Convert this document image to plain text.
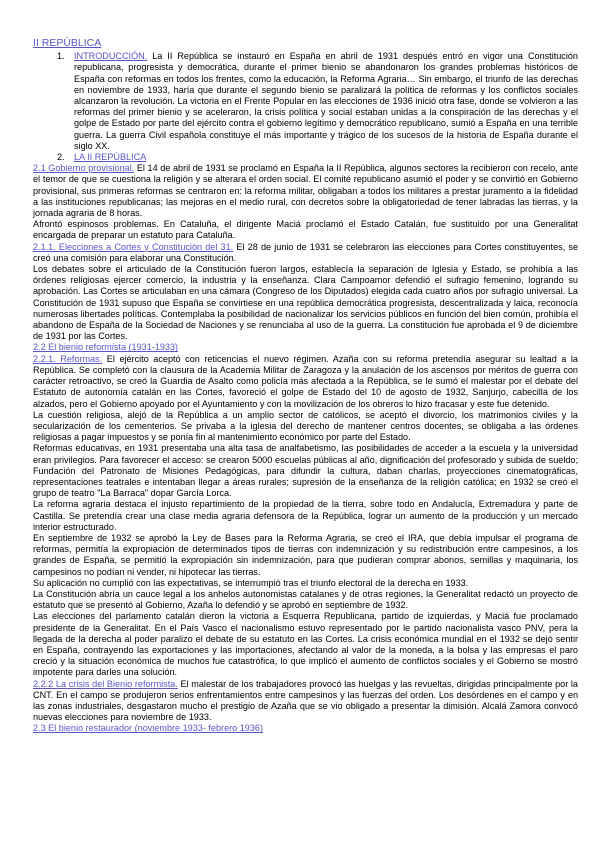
II REPÚBLICA
1. INTRODUCCIÓN. La II República se instauró en España en abril de 1931 después entró en vigor una Constitución republicana, progresista y democrática, durante el primer bienio se abandonaron los grandes problemas históricos de España con reformas en todos los frentes, como la educación, la Reforma Agraria… Sin embargo, el triunfo de las derechas en noviembre de 1933, haría que durante el segundo bienio se paralizará la política de reformas y los conflictos sociales alcanzaron la revolución. La victoria en el Frente Popular en las elecciones de 1936 inició otra fase, donde se volvieron a las reformas del primer bienio y se aceleraron, la crisis política y social estaban unidas a la conspiración de las derechas y el golpe de Estado por parte del ejército contra el gobierno legítimo y democrático republicano, sumió a España en una terrible guerra. La guerra Civil española constituye el más importante y trágico de los sucesos de la historia de España durante el siglo XX.
2. LA II REPÚBLICA

2.1 Gobierno provisional. El 14 de abril de 1931 se proclamó en España la II República, algunos sectores la recibieron con recelo, ante el temor de que se cuestiona la religión y se alterara el orden social. El comité republicano asumió el poder y se convirtió en Gobierno provisional, sus primeras reformas se centraron en: la reforma militar, obligaban a todos los militares a prestar juramento a la fidelidad a las instituciones republicanas; las mejoras en el medio rural, con decretos sobre la obligatoriedad de tener labradas las tierras, y la jornada agraria de 8 horas.

Afrontó espinosos problemas. En Cataluña, el dirigente Maciá proclamó el Estado Catalán, fue sustituido por una Generalitat encargada de preparar un estatuto para Cataluña.

2.1.1. Elecciones a Cortes y Constitución del 31. El 28 de junio de 1931 se celebraron las elecciones para Cortes constituyentes, se creó una comisión para elaborar una Constitución.

Los debates sobre el articulado de la Constitución fueron largos, establecía la separación de Iglesia y Estado, se prohibía a las órdenes religiosas ejercer comercio, la industria y la enseñanza. Clara Campoamor defendió el sufragio femenino, logrando su aprobación. Las Cortes se articulaban en una cámara (Congreso de los Diputados) elegida cada cuatro años por sufragio universal. La Constitución de 1931 supuso que España se convirtiese en una república democrática progresista, descentralizada y laica, reconocía numerosas libertades políticas. Contemplaba la posibilidad de nacionalizar los servicios públicos en función del bien común, prohibía el abandono de España de la Sociedad de Naciones y se renunciaba al uso de la guerra. La constitución fue aprobada el 9 de diciembre de 1931 por las Cortes.

2.2 El bienio reformista (1931-1933)

2.2.1. Reformas. El ejército aceptó con reticencias el nuevo régimen. Azaña con su reforma pretendía asegurar su lealtad a la República. Se completó con la clausura de la Academia Militar de Zaragoza y la anulación de los ascensos por méritos de guerra con carácter retroactivo, se creó la Guardia de Asalto como policía más afectada a la República, se le sumó el malestar por el debate del Estatuto de autonomía catalán en las Cortes, favoreció el golpe de Estado del 10 de agosto de 1932, Sanjurjo, cabecilla de los alzados, pero el Gobierno apoyado por el Ayuntamiento y con la movilización de los obreros lo hizo fracasar y este fue detenido.

La cuestión religiosa, alejó de la República a un amplio sector de católicos, se aceptó el divorcio, los matrimonios civiles y la secularización de los cementerios. Se privaba a la iglesia del derecho de mantener centros docentes, se obligaba a las órdenes religiosas a pagar impuestos y se ponía fin al mantenimiento económico por parte del Estado.

Reformas educativas, en 1931 presentaba una alta tasa de analfabetismo, las posibilidades de acceder a la escuela y la universidad eran privilegios. Para favorecer el acceso: se crearon 5000 escuelas públicas al año, dignificación del profesorado y subida de sueldo; Fundación del Patronato de Misiones Pedagógicas, para difundir la cultura, daban charlas, proyecciones cinematográficas, representaciones teatrales e intentaban llegar a áreas rurales; supresión de la enseñanza de la religión católica; en 1932 se creó el grupo de teatro "La Barraca" dopar García Lorca.

La reforma agraria destaca el injusto repartimiento de la propiedad de la tierra, sobre todo en Andalucía, Extremadura y parte de Castilla. Se pretendía crear una clase media agraria defensora de la República, lograr un aumento de la producción y un mercado interior estructurado.

En septiembre de 1932 se aprobó la Ley de Bases para la Reforma Agraria, se creó el IRA, que debía impulsar el programa de reformas, permitía la expropiación de determinados tipos de tierras con indemnización y su redistribución entre campesinos, a los grandes de España, se permitió la expropiación sin indemnización, para que pudieran comprar abonos, semillas y maquinaria, los campesinos no podían ni vender, ni hipotecar las tierras.

Su aplicación no cumplió con las expectativas, se interrumpió tras el triunfo electoral de la derecha en 1933.

La Constitución abría un cauce legal a los anhelos autonomistas catalanes y de otras regiones, la Generalitat redactó un proyecto de estatuto que se presentó al Gobierno, Azaña lo defendió y se aprobó en septiembre de 1932.

Las elecciones del parlamento catalán dieron la victoria a Esquerra Republicana, partido de izquierdas, y Maciá fue proclamado presidente de la Generalitat. En el País Vasco el nacionalismo estuvo representado por le partido nacionalista vasco PNV, pera la llegada de la derecha al poder paralizo el debate de su estatuto en las Cortes. La crisis económica mundial en el 1932 se dejó sentir en España, contrayendo las exportaciones y las importaciones, afectando al valor de la moneda, a la bolsa y las empresas el paro creció y la situación económica de muchos fue catastrófica, lo que implicó el aumento de conflictos sociales y el Gobierno se mostró impotente para darles una solución.

2.2.2 La crisis del Bienio reformista. El malestar de los trabajadores provocó las huelgas y las revueltas, dirigidas principalmente por la CNT. En el campo se produjeron serios enfrentamientos entre campesinos y las fuerzas del orden. Los desórdenes en el campo y en las zonas industriales, desgastaron mucho el prestigio de Azaña que se vio obligado a presentar la dimisión. Alcalá Zamora convocó nuevas elecciones para noviembre de 1933.

2.3 El bienio restaurador (noviembre 1933- febrero 1936)
